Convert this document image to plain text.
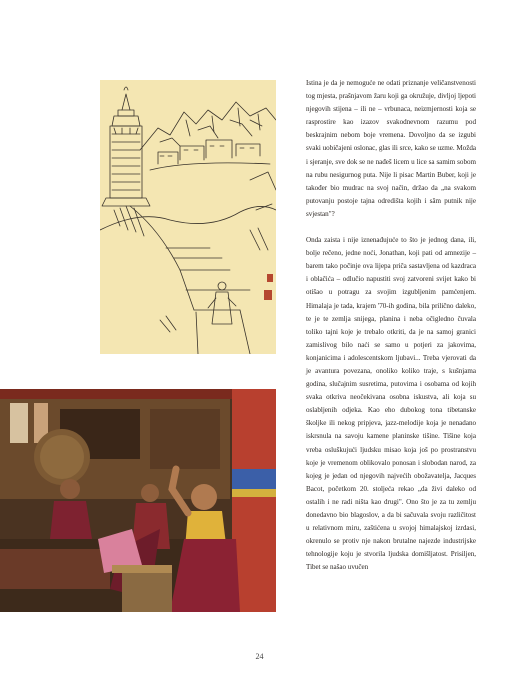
Istina je da je nemoguće ne odati priznanje veličanstvenosti tog mjesta, prašnjavom žaru koji ga okružuje, divljoj ljepoti njegovih stijena – ili ne – vrbunaca, neizmjernosti koja se rasprostire kao izazov svakodnevnom razumu pod beskrajnim nebom boje vremena. Dovoljno da se izgubi svaki uobičajeni oslonac, glas ili srce, kako se uzme. Možda i sjeranje, sve dok se ne nađeš licem u lice sa samim sobom na rubu nesigurnog puta. Nije li pisac Martin Buber, koji je također bio mudrac na svoj način, držao da „na svakom putovanju postoje tajna odredišta kojih i sâm putnik nije svjestan"?

Onda zaista i nije iznenađujuće to što je jednog dana, ili, bolje rečeno, jedne noći, Jonathan, koji pati od amnezije – barem tako počinje ova lijepa priča sastavljena od kazdraca i oblačića – odlučio napustiti svoj zatvoreni svijet kako bi otišao u potragu za svojim izgubljenim pamćenjem. Himalaja je tada, krajem '70-ih godina, bila prilično daleko, te je te zemlja snijega, planina i neba očigledno čuvala toliko tajni koje je trebalo otkriti, da je na samoj granici zamislivog bilo naći se samo u potjeri za jakovima, konjanicima i adolescentskom ljubavi... Treba vjerovati da je avantura povezana, onoliko koliko traje, s kušnjama godina, slučajnim susretima, putovima i osobama od kojih svaka otkriva neočekivana osobna iskustva, ali koja su oslabljenih odjeka. Kao eho dubokog tona tibetanske školjke ili nekog pripjeva, jazz-melodije koja je nenadano iskrsnula na savoju kamene planinske tišine. Tišine koja vrebа osluškujući ljudsku misao koja još po prostranstvu koje je vremenom oblikovalo ponosan i slobodan narod, za kojeg je jedan od njegovih najvećih obožavatelja, Jacques Bacot, početkom 20. stoljeća rekao „da živi daleko od ostalih i ne radi ništa kao drugi". Ono što je za tu zemlju donedavno bio blagoslov, a da bi sačuvala svoju različitost u relativnom miru, zaštićena u svojoj himalajskoj izrdasi, okrenulo se protiv nje nakon brutalne najezde industrijske tehnologije koju je stvorila ljudska domišljatost. Prisiljen, Tibet se našao uvučen

24
